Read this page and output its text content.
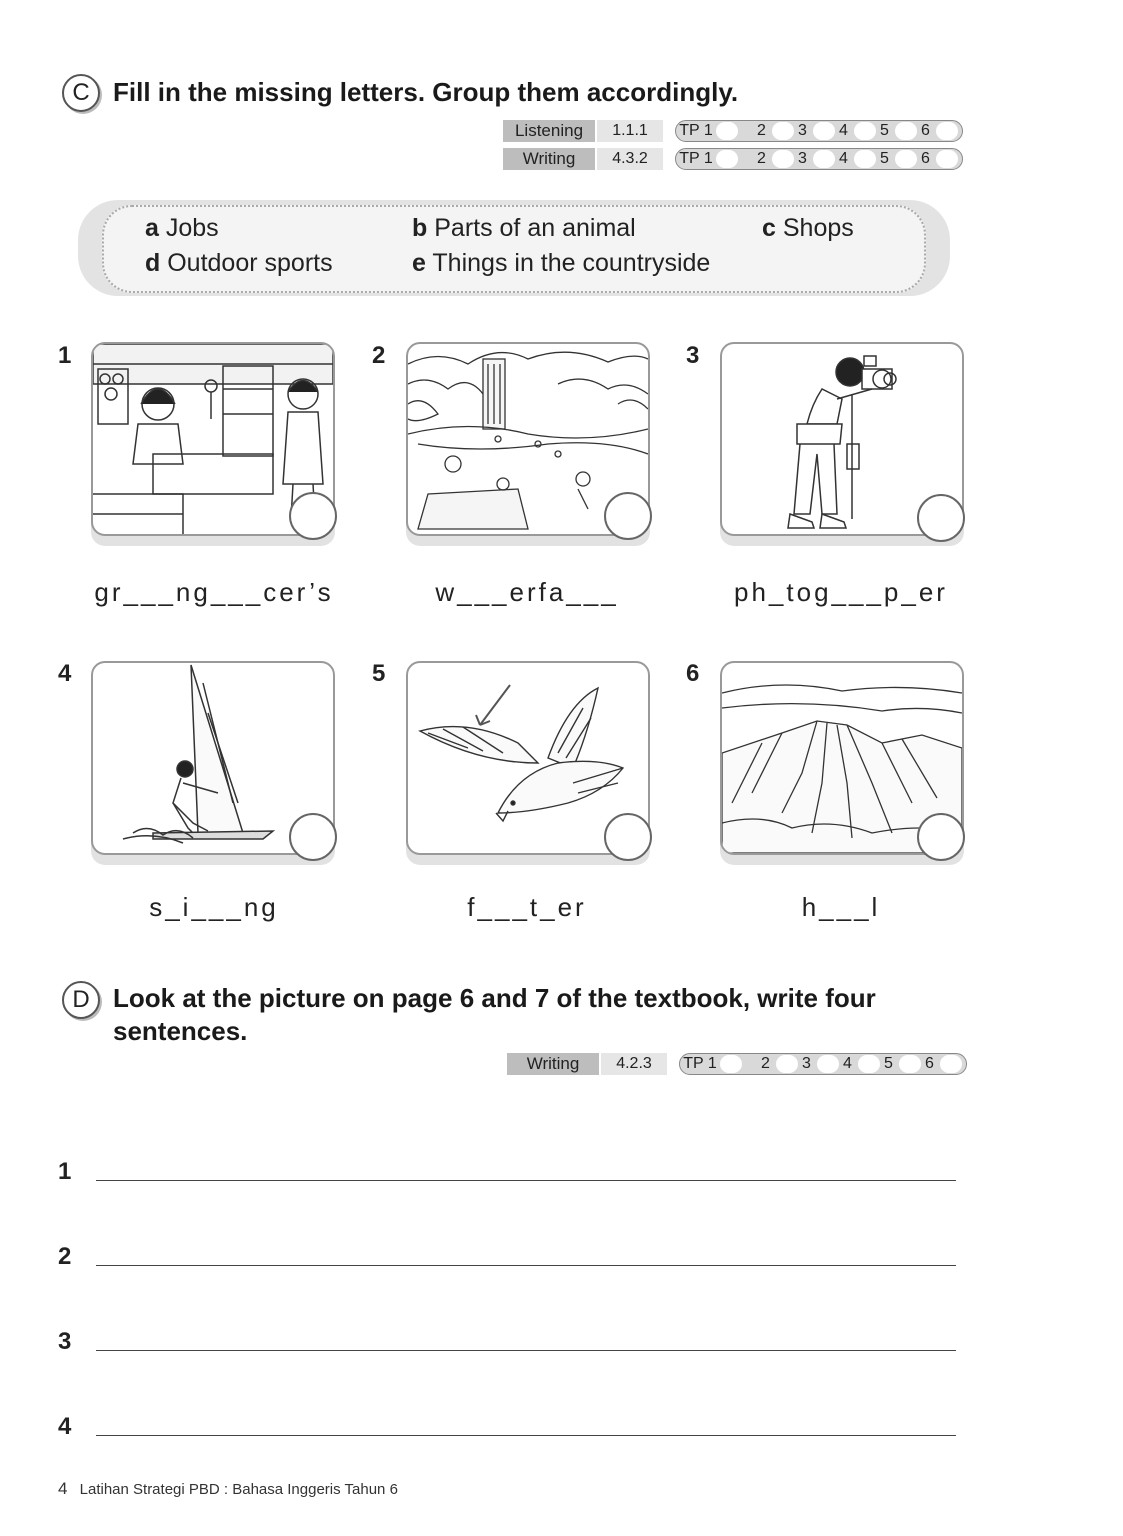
C Fill in the missing letters. Group them accordingly.
Listening	1.1.1	TP 1	2 3 4 5 6
Writing	4.3.2	TP 1	2 3 4 5 6
a Jobs	b Parts of an animal	c Shops
d Outdoor sports	e Things in the countryside
1
gr___ng___cer’s
2
w___erfa___
3
ph_tog___p_er
4
s_i___ng
5
f___t_er
6
h___l
D Look at the picture on page 6 and 7 of the textbook, write four
sentences.
Writing	4.2.3	TP 1	2 3 4 5 6
1
2
3
4
4 Latihan Strategi PBD : Bahasa Inggeris Tahun 6
